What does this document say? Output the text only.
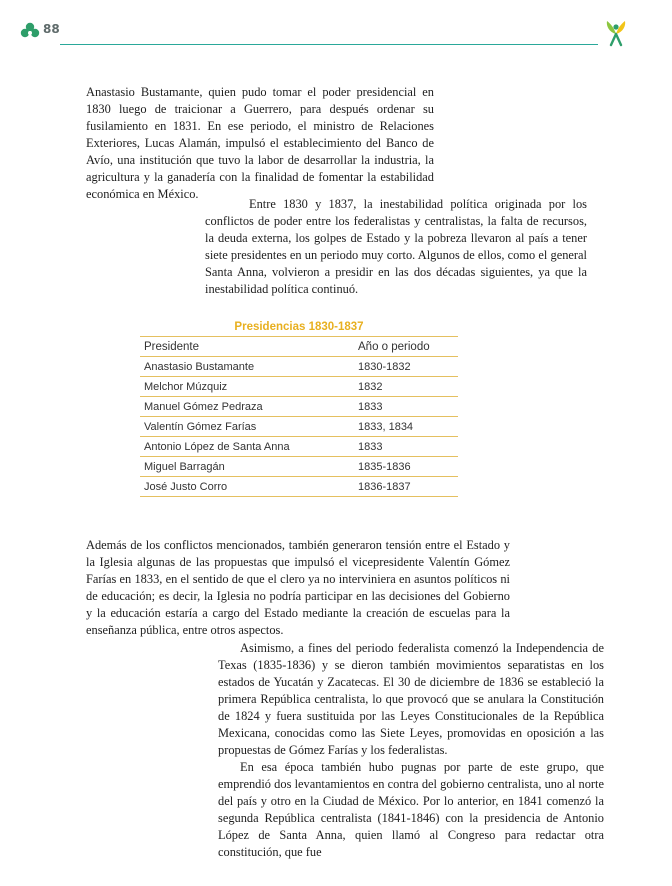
88

Anastasio Bustamante, quien pudo tomar el poder presidencial en 1830 luego de traicionar a Guerrero, para después ordenar su fusilamiento en 1831. En ese periodo, el ministro de Relaciones Exteriores, Lucas Alamán, impulsó el establecimiento del Banco de Avío, una institución que tuvo la labor de desarrollar la industria, la agricultura y la ganadería con la finalidad de fomentar la estabilidad económica en México.

Entre 1830 y 1837, la inestabilidad política originada por los conflictos de poder entre los federalistas y centralistas, la falta de recursos, la deuda externa, los golpes de Estado y la pobreza llevaron al país a tener siete presidentes en un periodo muy corto. Algunos de ellos, como el general Santa Anna, volvieron a presidir en las dos décadas siguientes, ya que la inestabilidad política continuó.

Presidencias 1830-1837
Presidente	Año o periodo
Anastasio Bustamante	1830-1832
Melchor Múzquiz	1832
Manuel Gómez Pedraza	1833
Valentín Gómez Farías	1833, 1834
Antonio López de Santa Anna	1833
Miguel Barragán	1835-1836
José Justo Corro	1836-1837

Además de los conflictos mencionados, también generaron tensión entre el Estado y la Iglesia algunas de las propuestas que impulsó el vicepresidente Valentín Gómez Farías en 1833, en el sentido de que el clero ya no interviniera en asuntos políticos ni de educación; es decir, la Iglesia no podría participar en las decisiones del Gobierno y la educación estaría a cargo del Estado mediante la creación de escuelas para la enseñanza pública, entre otros aspectos.

Asimismo, a fines del periodo federalista comenzó la Independencia de Texas (1835-1836) y se dieron también movimientos separatistas en los estados de Yucatán y Zacatecas. El 30 de diciembre de 1836 se estableció la primera República centralista, lo que provocó que se anulara la Constitución de 1824 y fuera sustituida por las Leyes Constitucionales de la República Mexicana, conocidas como las Siete Leyes, promovidas en oposición a las propuestas de Gómez Farías y los federalistas.

En esa época también hubo pugnas por parte de este grupo, que emprendió dos levantamientos en contra del gobierno centralista, uno al norte del país y otro en la Ciudad de México. Por lo anterior, en 1841 comenzó la segunda República centralista (1841-1846) con la presidencia de Antonio López de Santa Anna, quien llamó al Congreso para redactar otra constitución, que fue
